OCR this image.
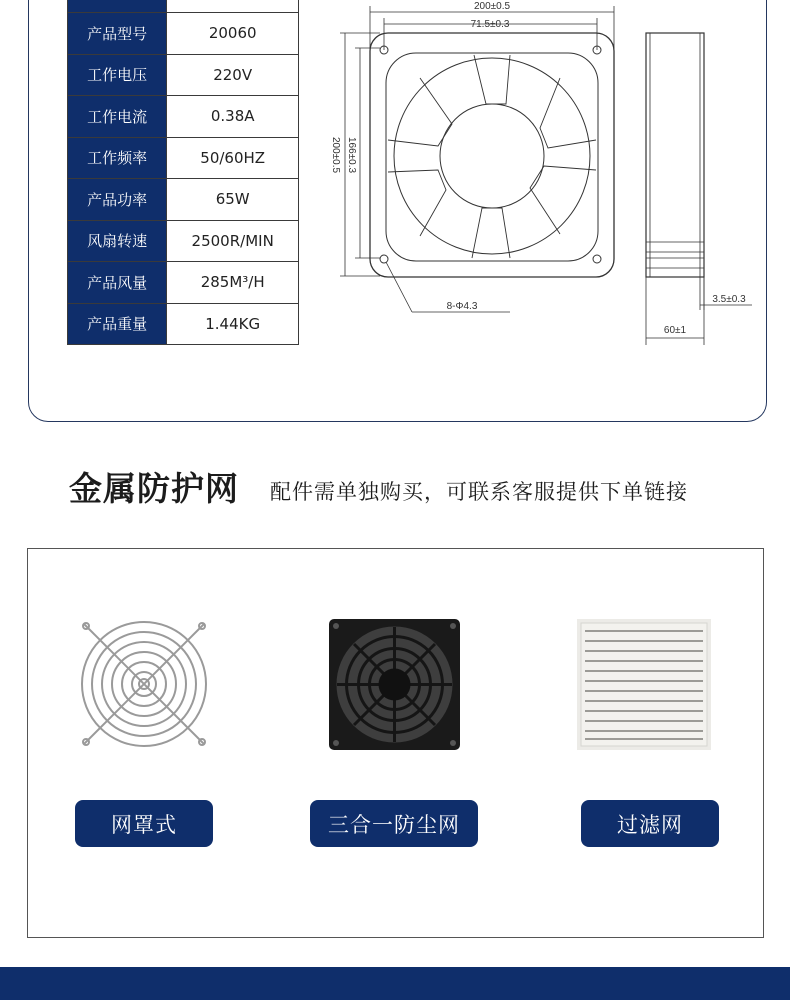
产品型号	20060
工作电压	220V
工作电流	0.38A
工作频率	50/60HZ
产品功率	65W
风扇转速	2500R/MIN
产品风量	285M³/H
产品重量	1.44KG
200±0.5
71.5±0.3
200±0.5 166±0.3
8-Φ4.3
3.5±0.3
60±1
金属防护网 配件需单独购买，可联系客服提供下单链接
网罩式	三合一防尘网	过滤网
